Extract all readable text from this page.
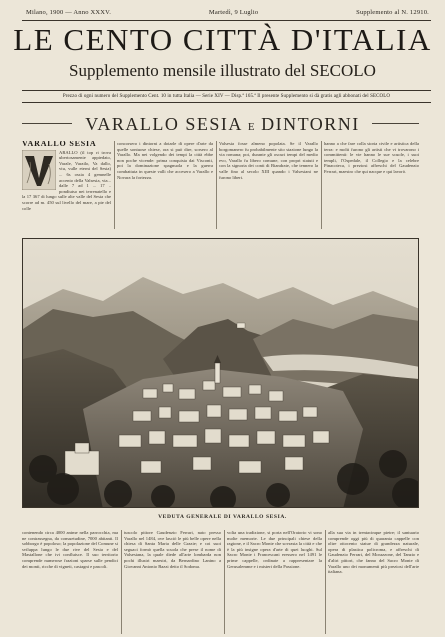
Milano, 1900 — Anno XXXV.	Martedì, 9 Luglio	Supplemento al N. 12910.
LE CENTO CITTÀ D'ITALIA
Supplemento mensile illustrato del SECOLO
Prezzo di ogni numero del Supplemento Cent. 10 in tutta Italia — Serie XIV — Disp.ª 165.ª Il presente Supplemento si dà gratis agli abbonati del SECOLO
VARALLO SESIA E DINTORNI
VARALLO SESIA
ARALLO (il top ri trova ubertosamente appiedato, Varale, Varailo, Va dallo, viu, vulle eterni del Sesia) ... 6s ossia 4 gemnelle accento della Valsesia, via... dalle 7 ad 1 ... 17 .. pondiutso nei terrenatello e la 17 367 di lungo sulle alte valle del Sesia che scorre ad m. 450 sul livello del mare, a pie del colle
concorsero i dintorni a dotarle di opere d'arte da quelle sontuose chiese, ora si può dire, sorsero al Varallo. Ma nei volgendo dei tempi la città ebbe non poche vicende: prima conquista dai Visconti, poi la dominazione spagnuola e la guerra combattuta in queste valli che accesero a Varallo e Novara la fortezza.
Valsesia fosse almeno popolata. Se il Varallo borgomanero fu probabilmente sito stazione lungo la via romana; poi, durante gli oscuri tempi del medio evo, Varallo fu libero comune, con propri statuti e con la signoria dei conti di Biandrate, che tennero la valle fino al secolo XIII quando i Valsesiani ne furono liberi.
hanno a che fare colla storia civile e artistica della terra: e molti furono gli artisti che vi trovarono i committenti: le vie hanno le sue scuole, i suoi templi, l'Ospedale, il Collegio e la celebre Pinacoteca, i preziosi affreschi del Gaudenzio Ferrari, maestro che qui nacque e qui lavorò.
VEDUTA GENERALE DI VARALLO SESIA.
contenendo circa 4000 anime nella parrocchia, ma ne contrassegna, da consuetudine, 7000 abitanti. Il sobborgo è popoloso; la popolazione del Comune si sviluppa lungo le due rive del Sesia e del Mastallone che ivi confluisce. Il suo territorio comprende numerose frazioni sparse sulle pendici dei monti, ricche di vigneti, castagni e pascoli.
tuscolo pittore Gaudenzio Ferrari, nato presso Varallo nel 1484, ove lasciò le più belle opere nella chiesa di Santa Maria delle Grazie; e coi suoi seguaci formò quella scuola che prese il nome di Valsesiana, la quale diede all'arte lombarda non pochi illustri maestri, da Bernardino Lanino a Giovanni Antonio Bazzi detto il Sodoma.
volta una tradizione, si porta nell'Oratorio vi sono molte memorie. Le due principali chiese della ragione, e il Sacro Monte che sovrasta la città e che è la più insigne opera d'arte di quei luoghi. Sul Sacro Monte i Francescani eressero nel 1491 le prime cappelle, ordinate a rappresentare la Gerusalemme e i misteri della Passione.
alla sua via in trentacinque pietre; il santuario comprende oggi più di quaranta cappelle con oltre ottocento statue di grandezza naturale, opera di plastica policroma, e affreschi di Gaudenzio Ferrari, del Morazzone, del Tanzio e d'altri pittori, che fanno del Sacro Monte di Varallo uno dei monumenti più preziosi dell'arte italiana.
